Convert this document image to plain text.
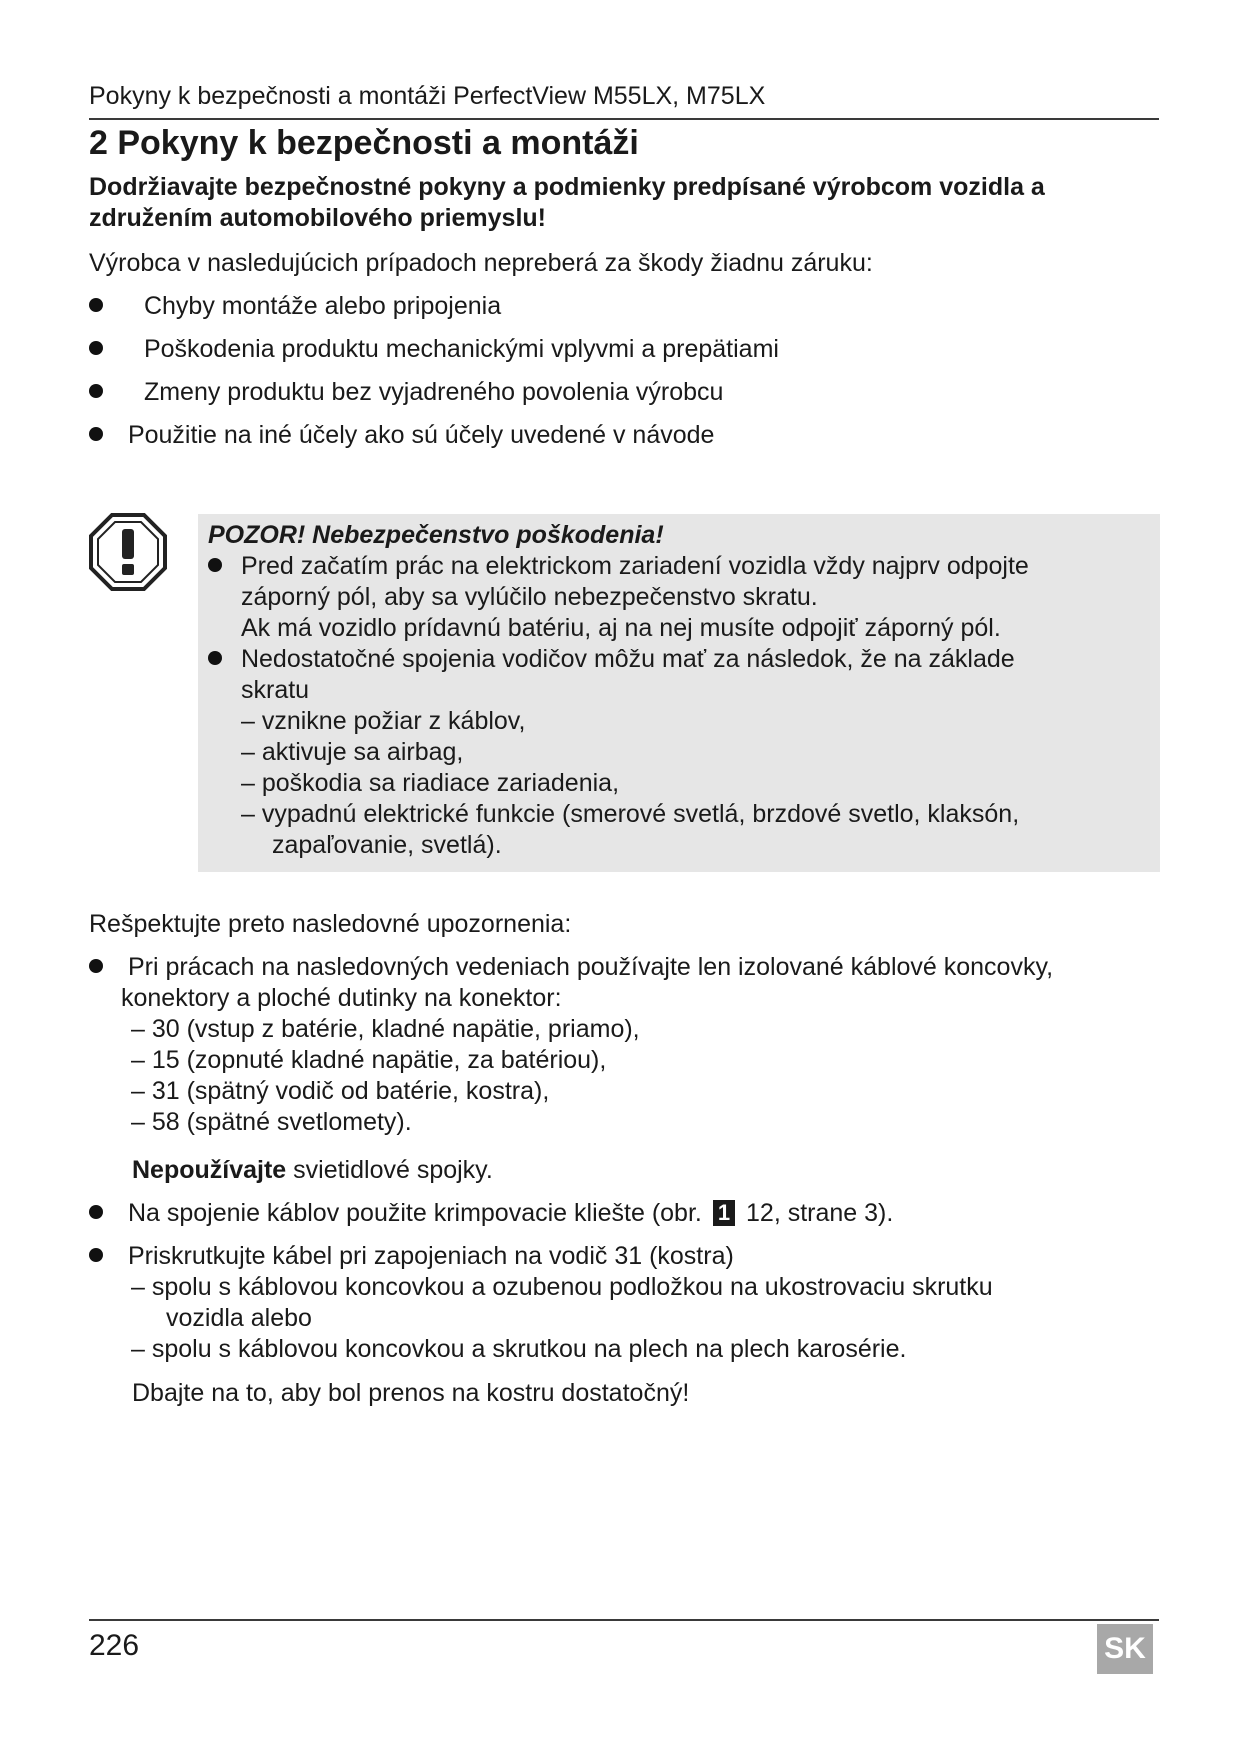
Pokyny k bezpečnosti a montáži PerfectView M55LX, M75LX
2 Pokyny k bezpečnosti a montáži
Dodržiavajte bezpečnostné pokyny a podmienky predpísané výrobcom vozidla a združením automobilového priemyslu!
Výrobca v nasledujúcich prípadoch nepreberá za škody žiadnu záruku:
Chyby montáže alebo pripojenia
Poškodenia produktu mechanickými vplyvmi a prepätiami
Zmeny produktu bez vyjadreného povolenia výrobcu
Použitie na iné účely ako sú účely uvedené v návode
POZOR! Nebezpečenstvo poškodenia!
Pred začatím prác na elektrickom zariadení vozidla vždy najprv odpojte
záporný pól, aby sa vylúčilo nebezpečenstvo skratu.
Ak má vozidlo prídavnú batériu, aj na nej musíte odpojiť záporný pól.
Nedostatočné spojenia vodičov môžu mať za následok, že na základe
skratu
– vznikne požiar z káblov,
– aktivuje sa airbag,
– poškodia sa riadiace zariadenia,
– vypadnú elektrické funkcie (smerové svetlá, brzdové svetlo, klaksón,
zapaľovanie, svetlá).
Rešpektujte preto nasledovné upozornenia:
Pri prácach na nasledovných vedeniach používajte len izolované káblové koncovky,
konektory a ploché dutinky na konektor:
– 30 (vstup z batérie, kladné napätie, priamo),
– 15 (zopnuté kladné napätie, za batériou),
– 31 (spätný vodič od batérie, kostra),
– 58 (spätné svetlomety).
Nepoužívajte svietidlové spojky.
Na spojenie káblov použite krimpovacie kliešte (obr. 1 12, strane 3).
Priskrutkujte kábel pri zapojeniach na vodič 31 (kostra)
– spolu s káblovou koncovkou a ozubenou podložkou na ukostrovaciu skrutku
vozidla alebo
– spolu s káblovou koncovkou a skrutkou na plech na plech karosérie.
Dbajte na to, aby bol prenos na kostru dostatočný!
226	SK
